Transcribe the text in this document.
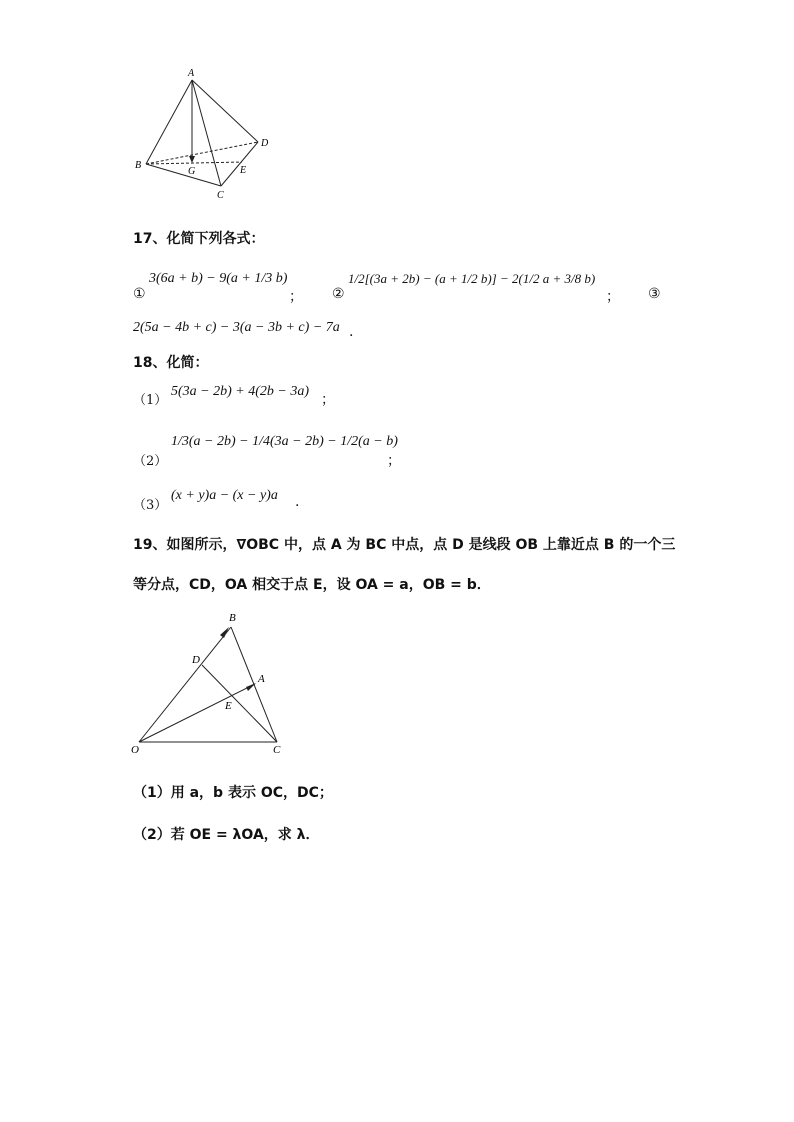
A
B
C
D
E
G
17、化简下列各式：
①
3(6a + b) − 9(a + 1/3 b)
； ②
1/2[(3a + 2b) − (a + 1/2 b)] − 2(1/2 a + 3/8 b)
； ③
2(5a − 4b + c) − 3(a − 3b + c) − 7a .
18、化简：
（1）
5(3a − 2b) + 4(2b − 3a)
；
（2）
1/3(a − 2b) − 1/4(3a − 2b) − 1/2(a − b)
；
（3）
(x + y)a − (x − y)a .
19、如图所示，∇OBC 中，点 A 为 BC 中点，点 D 是线段 OB 上靠近点 B 的一个三
等分点，CD，OA 相交于点 E，设 OA = a，OB = b．
B
D
A
E
O	C
（1）用 a，b 表示 OC，DC；
（2）若 OE = λOA，求 λ．
